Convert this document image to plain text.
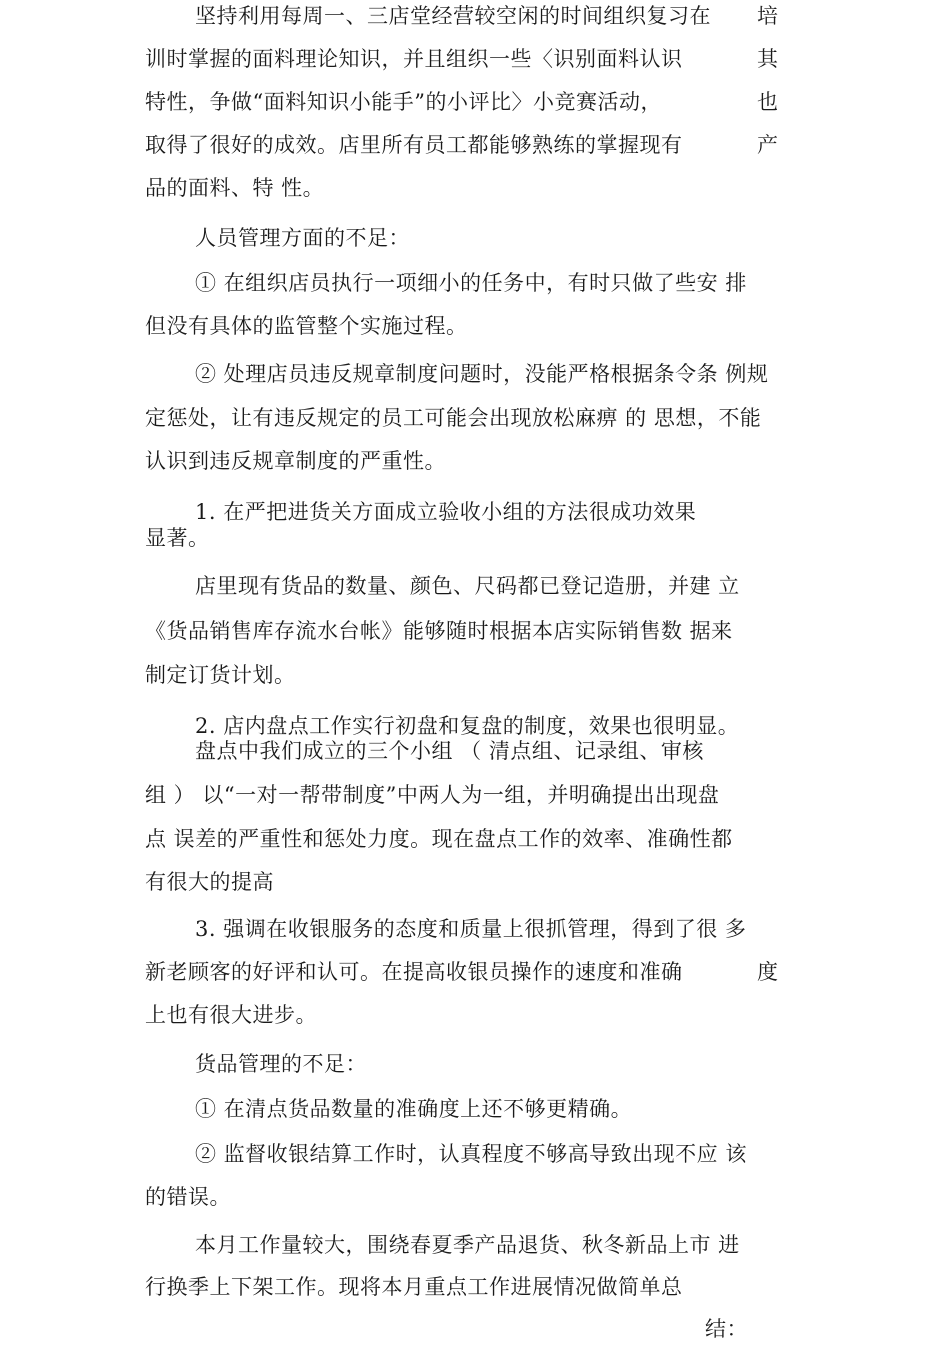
坚持利用每周一、三店堂经营较空闲的时间组织复习在 培
训时掌握的面料理论知识，并且组织一些〈识别面料认识	其
特性，争做“面料知识小能手”的小评比〉小竞赛活动，	也
取得了很好的成效。店里所有员工都能够熟练的掌握现有	产
品的面料、特 性。
人员管理方面的不足：
① 在组织店员执行一项细小的任务中，有时只做了些安 排
但没有具体的监管整个实施过程。
② 处理店员违反规章制度问题时，没能严格根据条令条 例规
定惩处，让有违反规定的员工可能会出现放松麻痹 的 思想，不能
认识到违反规章制度的严重性。
1. 在严把进货关方面成立验收小组的方法很成功效果
显著。
店里现有货品的数量、颜色、尺码都已登记造册，并建 立
《货品销售库存流水台帐》能够随时根据本店实际销售数 据来
制定订货计划。
2. 店内盘点工作实行初盘和复盘的制度，效果也很明显。
盘点中我们成立的三个小组 （ 清点组、记录组、审核
组 ） 以“一对一帮带制度”中两人为一组，并明确提出出现盘
点 误差的严重性和惩处力度。现在盘点工作的效率、准确性都
有很大的提高
3. 强调在收银服务的态度和质量上很抓管理，得到了很 多
新老顾客的好评和认可。在提高收银员操作的速度和准确	度
上也有很大进步。
货品管理的不足：
① 在清点货品数量的准确度上还不够更精确。
② 监督收银结算工作时，认真程度不够高导致出现不应 该
的错误。
本月工作量较大，围绕春夏季产品退货、秋冬新品上市 进
行换季上下架工作。现将本月重点工作进展情况做简单总
结：
